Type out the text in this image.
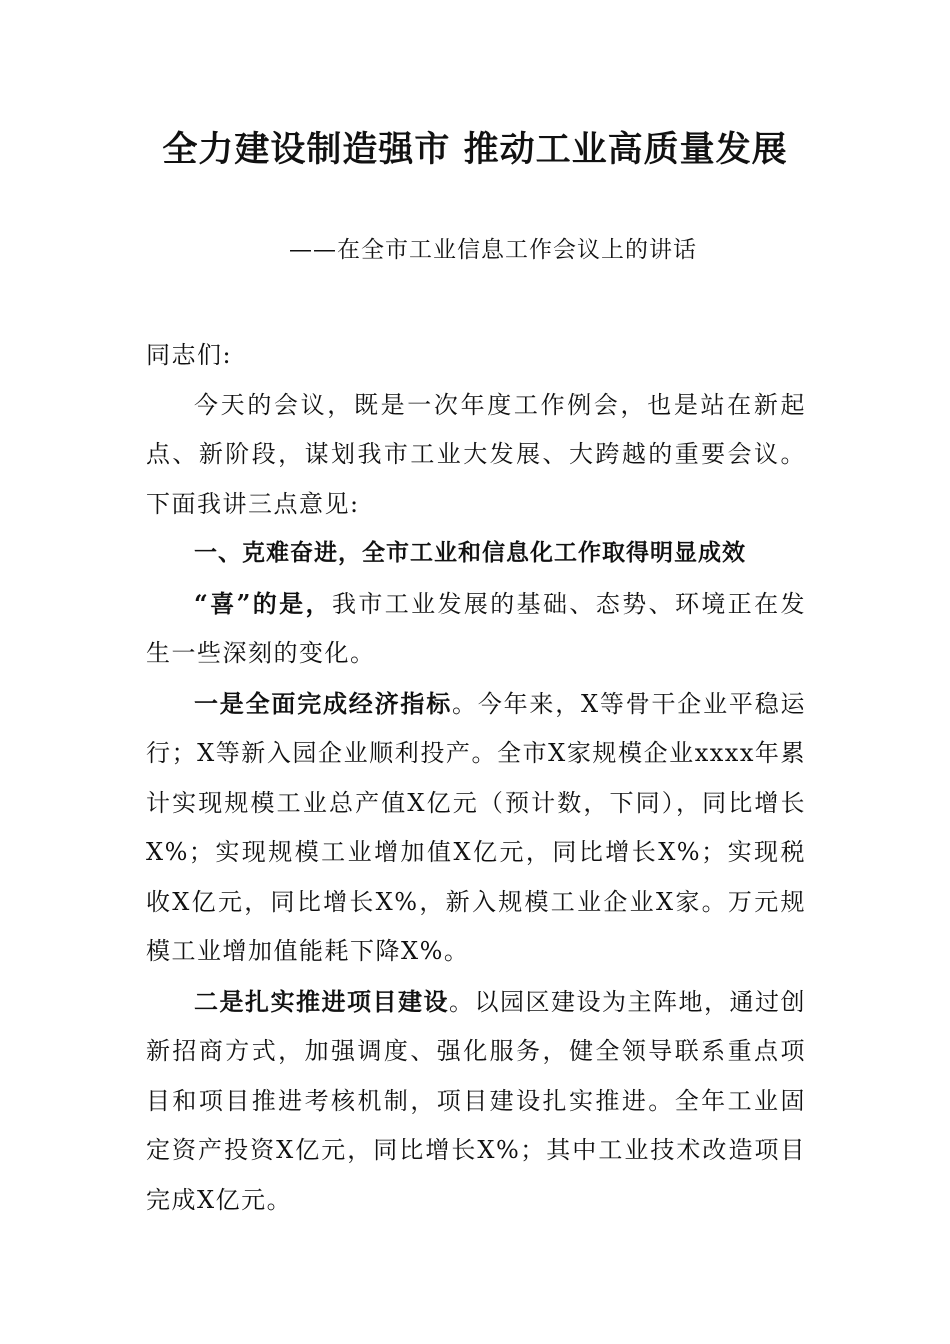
全力建设制造强市 推动工业高质量发展
——在全市工业信息工作会议上的讲话

同志们:

今天的会议，既是一次年度工作例会，也是站在新起点、新阶段，谋划我市工业大发展、大跨越的重要会议。下面我讲三点意见:

一、克难奋进，全市工业和信息化工作取得明显成效

“喜”的是，我市工业发展的基础、态势、环境正在发生一些深刻的变化。

一是全面完成经济指标。今年来，X等骨干企业平稳运行；X等新入园企业顺利投产。全市X家规模企业xxxx年累计实现规模工业总产值X亿元（预计数，下同），同比增长X%；实现规模工业增加值X亿元，同比增长X%；实现税收X亿元，同比增长X%，新入规模工业企业X家。万元规模工业增加值能耗下降X%。

二是扎实推进项目建设。以园区建设为主阵地，通过创新招商方式，加强调度、强化服务，健全领导联系重点项目和项目推进考核机制，项目建设扎实推进。全年工业固定资产投资X亿元，同比增长X%；其中工业技术改造项目完成X亿元。
